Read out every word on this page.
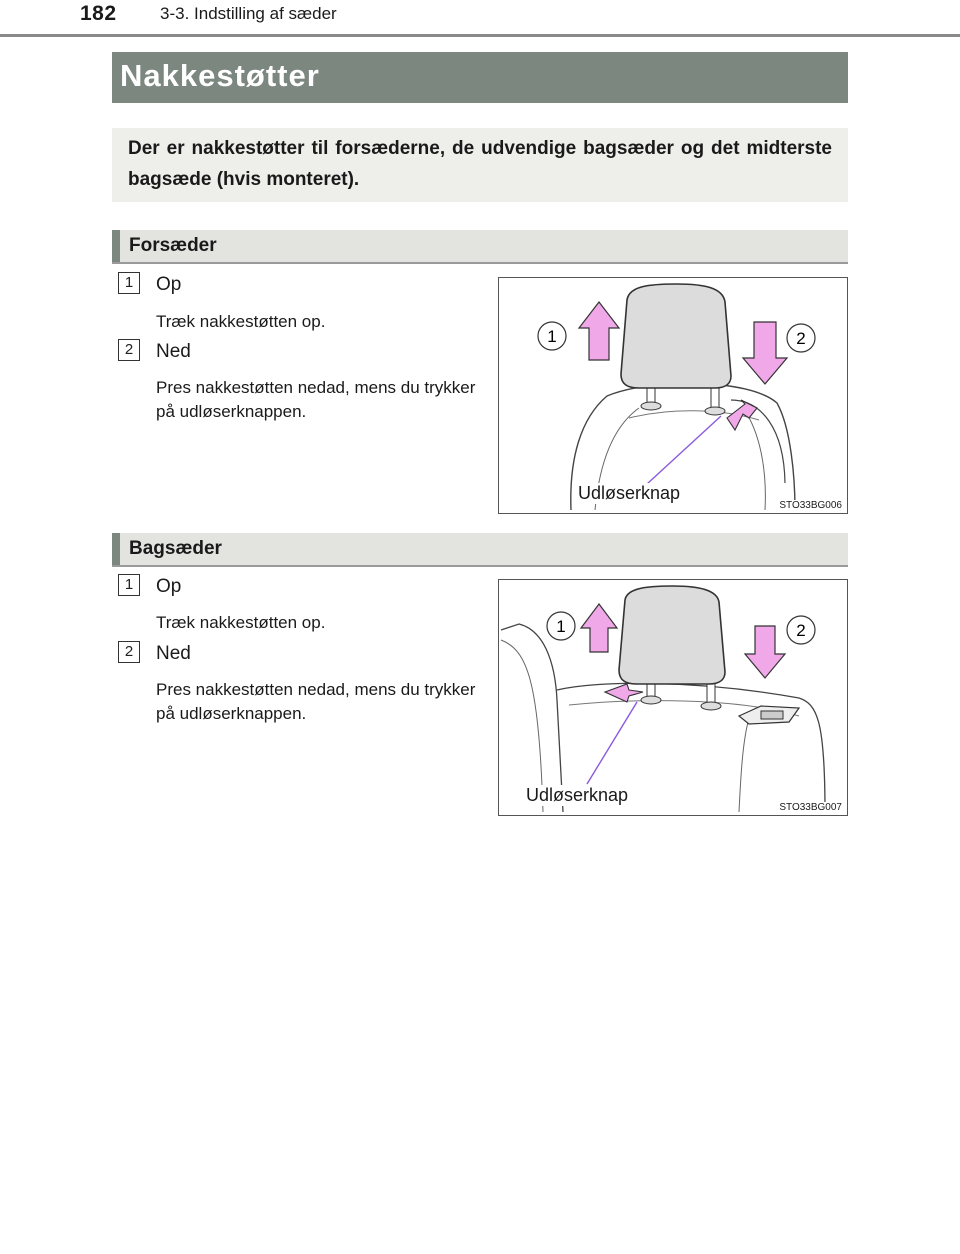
182	3-3. Indstilling af sæder
Nakkestøtter

Der er nakkestøtter til forsæderne, de udvendige bagsæder og det midterste bagsæde (hvis monteret).

Forsæder
1	Op
Træk nakkestøtten op.
2	Ned
Pres nakkestøtten nedad, mens du trykker på udløserknappen.
1	2
Udløserknap
STO33BG006
Bagsæder
1	Op
Træk nakkestøtten op.
2	Ned
Pres nakkestøtten nedad, mens du trykker på udløserknappen.
1	2
Udløserknap
STO33BG007
